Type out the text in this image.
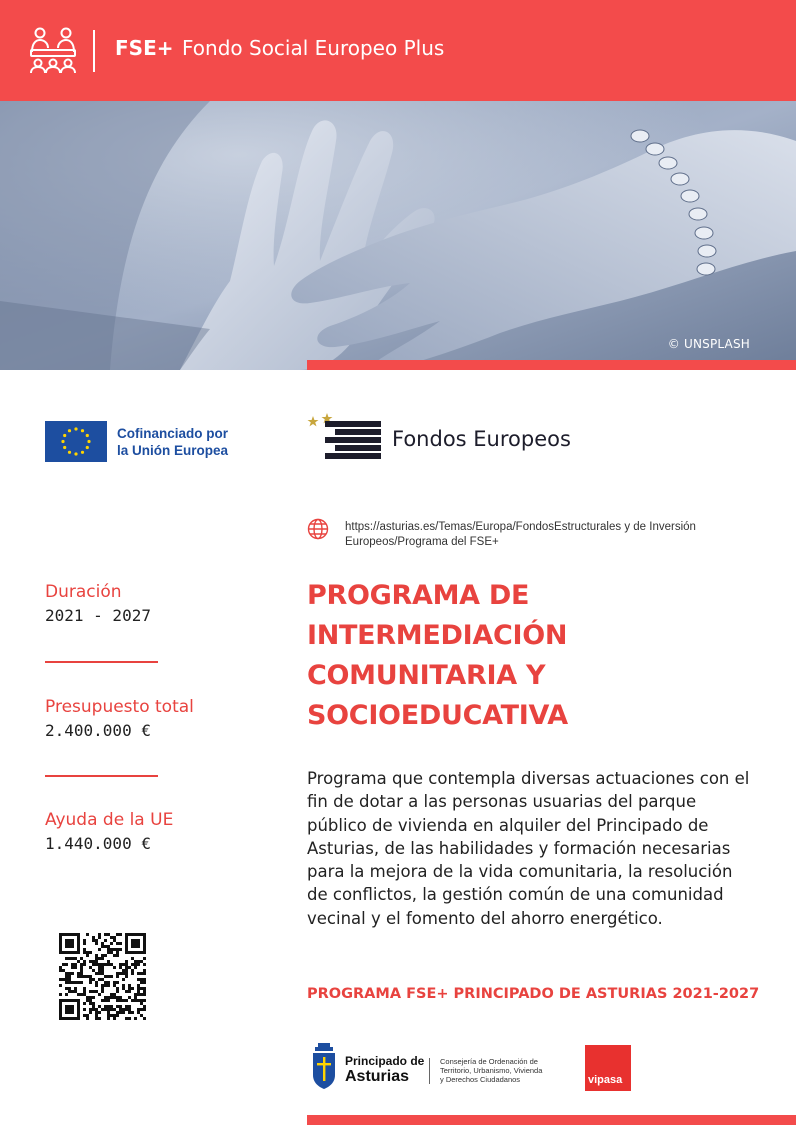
FSE+ Fondo Social Europeo Plus
© UNSPLASH
Cofinanciado por
la Unión Europea	Fondos Europeos
https://asturias.es/Temas/Europa/FondosEstructurales y de Inversión
Europeos/Programa del FSE+
Duración
2021 - 2027
Presupuesto total
2.400.000 €
Ayuda de la UE
1.440.000 €
PROGRAMA DE
INTERMEDIACIÓN
COMUNITARIA Y
SOCIOEDUCATIVA
Programa que contempla diversas actuaciones con el fin de dotar a las personas usuarias del parque público de vivienda en alquiler del Principado de Asturias, de las habilidades y formación necesarias para la mejora de la vida comunitaria, la resolución de conflictos, la gestión común de una comunidad vecinal y el fomento del ahorro energético.
PROGRAMA FSE+ PRINCIPADO DE ASTURIAS 2021-2027
Principado de
Asturias
Consejería de Ordenación de
Territorio, Urbanismo, Vivienda
y Derechos Ciudadanos	vipasa
